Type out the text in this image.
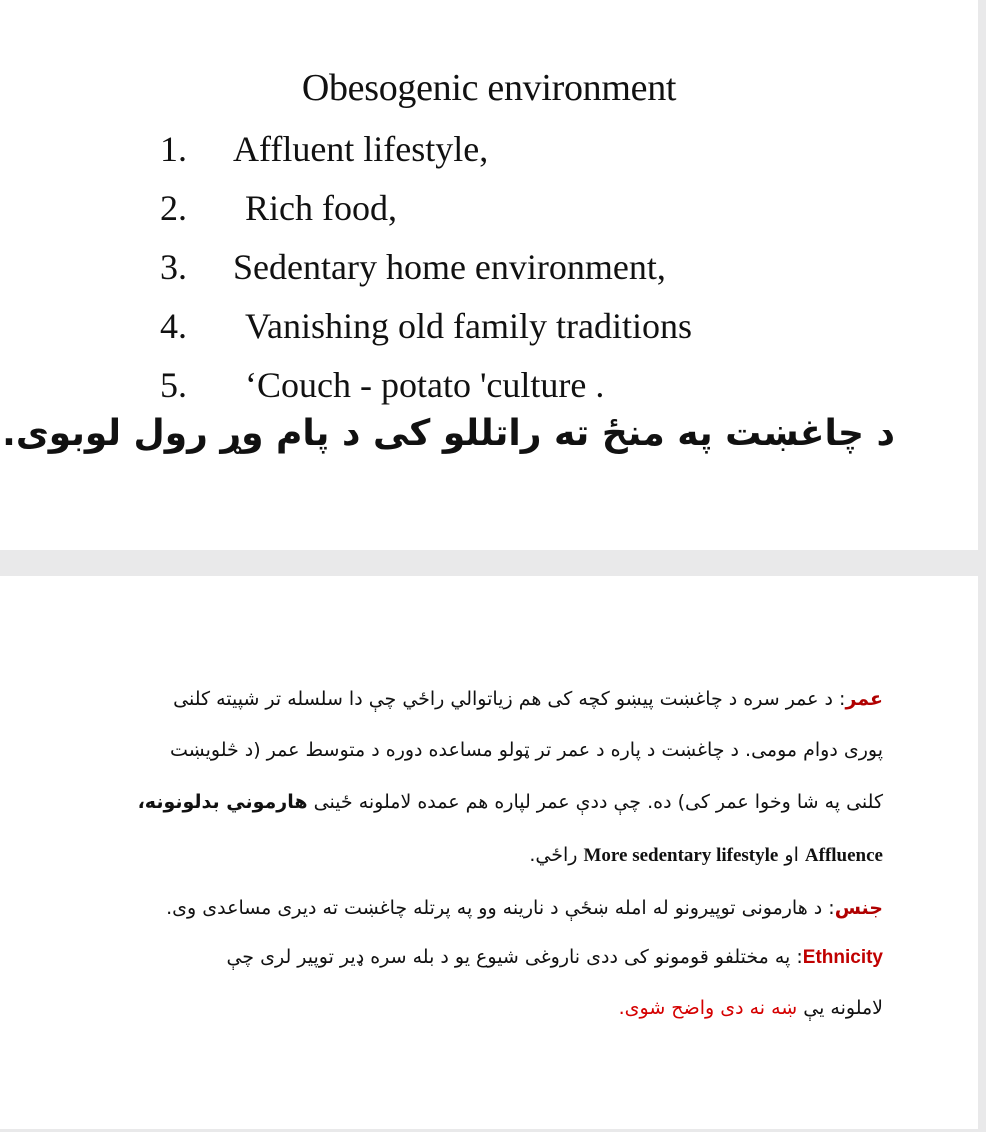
Obesogenic environment
1. Affluent lifestyle,
2. Rich food,
3. Sedentary home environment,
4. Vanishing old family traditions
5. ‘Couch - potato 'culture .
د چاغښت په منځ ته راتللو کی د پام وړ رول لوبوی.
عمر: د عمر سره د چاغښت پیښو کچه کی هم زیاتوالي راځي چې دا سلسله تر شپیته کلنی
پوری دوام مومی. د چاغښت د پاره د عمر تر ټولو مساعده دوره د متوسط عمر (د څلویښت
کلنی په شا وخوا عمر کی) ده. چې ددې عمر لپاره هم عمده لاملونه ځینی هارموني بدلونونه،
Affluence او More sedentary lifestyle راځي.
جنس: د هارمونی توپیرونو له امله ښځې د نارینه وو په پرتله چاغښت ته دیری مساعدی وی.
Ethnicity: په مختلفو قومونو کی ددی ناروغی شیوع یو د بله سره ډیر توپیر لری چې
لاملونه یې ښه نه دی واضح شوی.
